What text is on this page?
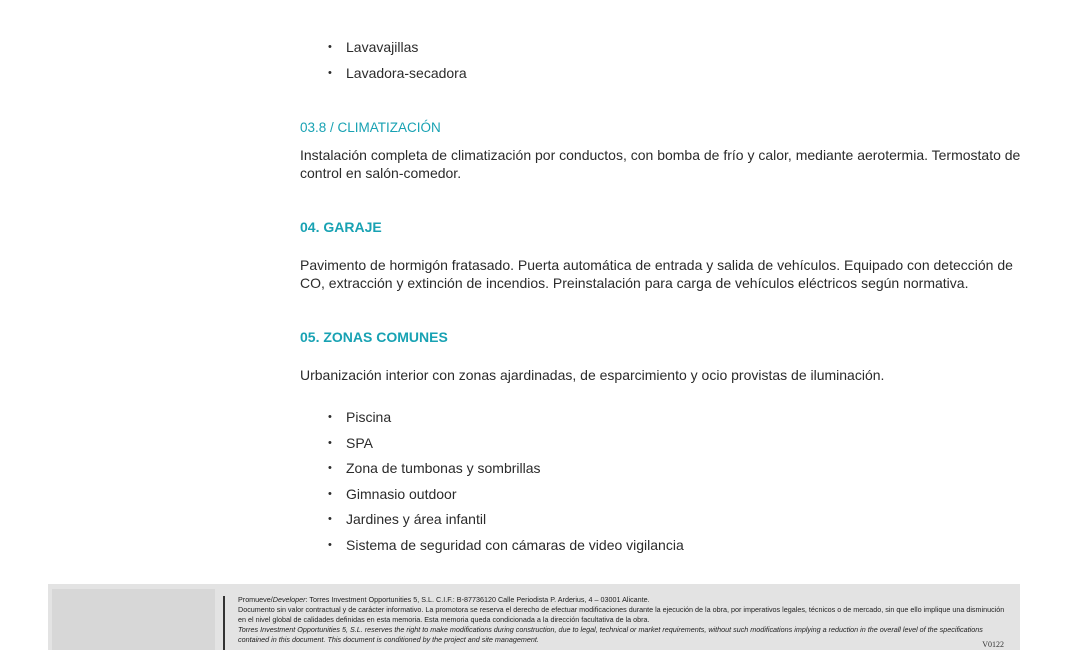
• Lavavajillas
• Lavadora-secadora
03.8 / CLIMATIZACIÓN

Instalación completa de climatización por conductos, con bomba de frío y calor, mediante aerotermia. Termostato de control en salón-comedor.

04. GARAJE

Pavimento de hormigón fratasado. Puerta automática de entrada y salida de vehículos. Equipado con detección de CO, extracción y extinción de incendios. Preinstalación para carga de vehículos eléctricos según normativa.

05. ZONAS COMUNES

Urbanización interior con zonas ajardinadas, de esparcimiento y ocio provistas de iluminación.

• Piscina
• SPA
• Zona de tumbonas y sombrillas
• Gimnasio outdoor
• Jardines y área infantil
• Sistema de seguridad con cámaras de video vigilancia

Promueve/Developer: Torres Investment Opportunities 5, S.L. C.I.F.: B-87736120 Calle Periodista P. Arderius, 4 – 03001 Alicante.

Documento sin valor contractual y de carácter informativo. La promotora se reserva el derecho de efectuar modificaciones durante la ejecución de la obra, por imperativos legales, técnicos o de mercado, sin que ello implique una disminución en el nivel global de calidades definidas en esta memoria. Esta memoria queda condicionada a la dirección facultativa de la obra.

Torres Investment Opportunities 5, S.L. reserves the right to make modifications during construction, due to legal, technical or market requirements, without such modifications implying a reduction in the overall level of the specifications contained in this document. This document is conditioned by the project and site management.

V0122
